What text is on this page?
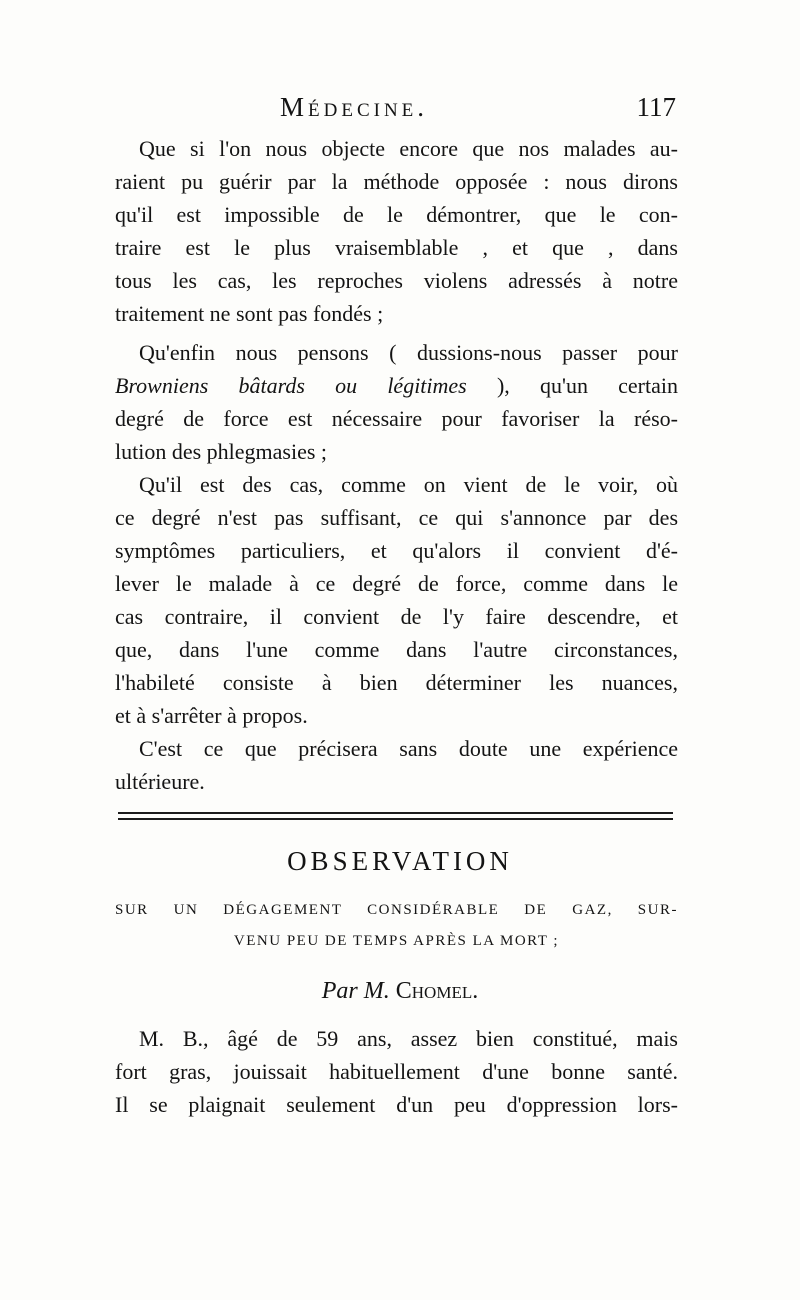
Médecine.	117
Que si l'on nous objecte encore que nos malades au-
raient pu guérir par la méthode opposée : nous dirons
qu'il est impossible de le démontrer, que le con-
traire est le plus vraisemblable , et que , dans
tous les cas, les reproches violens adressés à notre
traitement ne sont pas fondés ;
Qu'enfin nous pensons ( dussions-nous passer pour
Browniens bâtards ou légitimes ), qu'un certain
degré de force est nécessaire pour favoriser la réso-
lution des phlegmasies ;
Qu'il est des cas, comme on vient de le voir, où
ce degré n'est pas suffisant, ce qui s'annonce par des
symptômes particuliers, et qu'alors il convient d'é-
lever le malade à ce degré de force, comme dans le
cas contraire, il convient de l'y faire descendre, et
que, dans l'une comme dans l'autre circonstances,
l'habileté consiste à bien déterminer les nuances,
et à s'arrêter à propos.
C'est ce que précisera sans doute une expérience
ultérieure.
OBSERVATION
SUR UN DÉGAGEMENT CONSIDÉRABLE DE GAZ, SUR-
VENU PEU DE TEMPS APRÈS LA MORT ;
Par M. Chomel.
M. B., âgé de 59 ans, assez bien constitué, mais
fort gras, jouissait habituellement d'une bonne santé.
Il se plaignait seulement d'un peu d'oppression lors-
